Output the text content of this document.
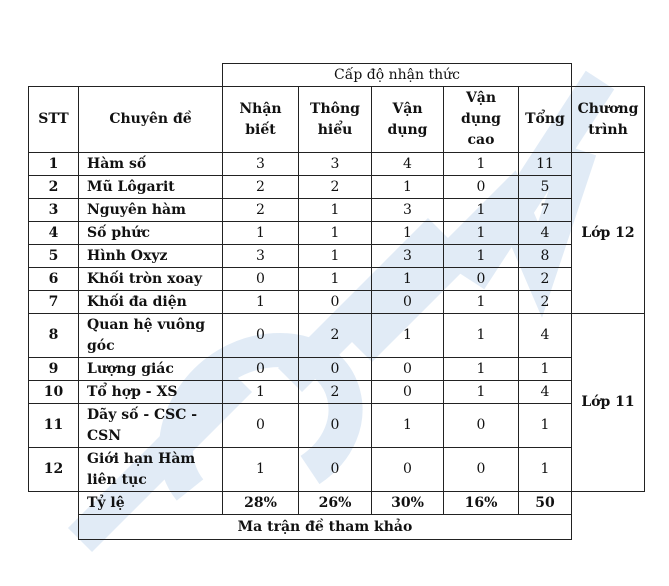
		Cấp độ nhận thức					
STT	Chuyên đề	Nhận biết	Thông hiểu	Vận dụng	Vận dụng cao	Tổng	Chương trình
1	Hàm số	3	3	4	1	11	Lớp 12
2	Mũ Lôgarit	2	2	1	0	5	
3	Nguyên hàm	2	1	3	1	7	
4	Số phức	1	1	1	1	4	
5	Hình Oxyz	3	1	3	1	8	
6	Khối tròn xoay	0	1	1	0	2	
7	Khối đa diện	1	0	0	1	2	
8	Quan hệ vuông góc	0	2	1	1	4	Lớp 11
9	Lượng giác	0	0	0	1	1	
10	Tổ hợp - XS	1	2	0	1	4	
11	Dãy số - CSC - CSN	0	0	1	0	1	
12	Giới hạn Hàm liên tục	1	0	0	0	1	
	Tỷ lệ	28%	26%	30%	16%	50	
	Ma trận đề tham khảo						
